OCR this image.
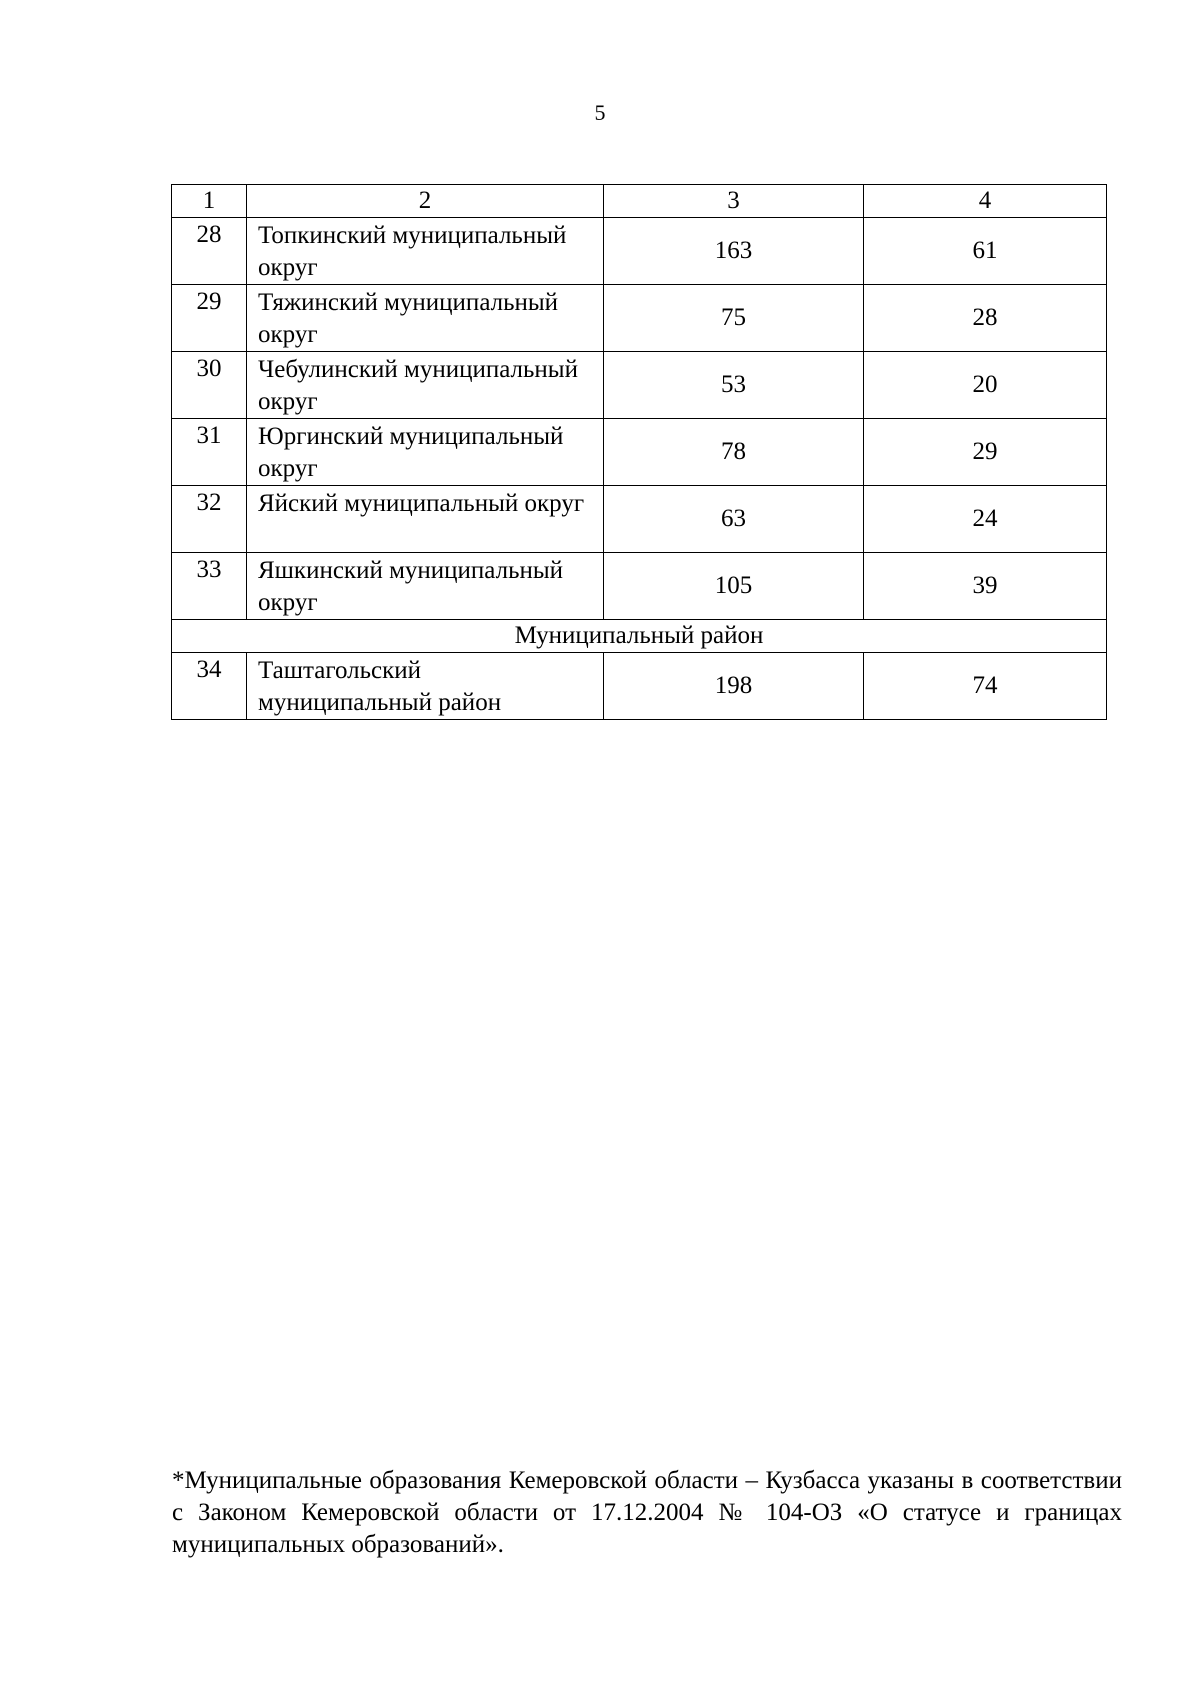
5
1	2	3	4
28	Топкинский муниципальный округ	163	61
29	Тяжинский муниципальный округ	75	28
30	Чебулинский муниципальный округ	53	20
31	Юргинский муниципальный округ	78	29
32	Яйский муниципальный округ	63	24
33	Яшкинский муниципальный округ	105	39
Муниципальный район			
34	Таштагольский муниципальный район	198	74
*Муниципальные образования Кемеровской области – Кузбасса указаны в соответствии с Законом Кемеровской области от 17.12.2004 № 104-ОЗ «О статусе и границах муниципальных образований».
